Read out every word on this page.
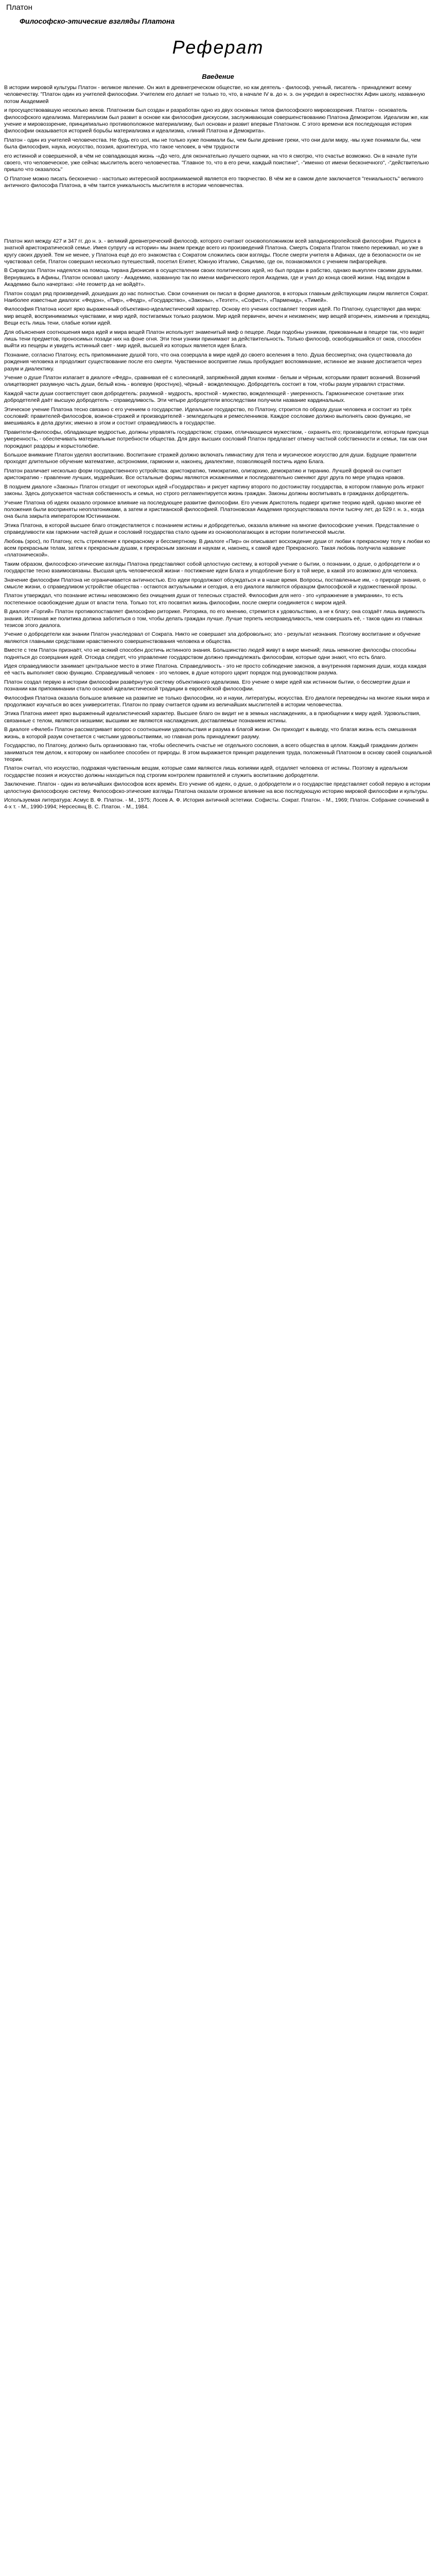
Платон
Философско-этические взгляды Платона
Реферат
Введение

В истории мировой культуры Платон - великое явление. Он жил в древнегреческом обществе, но как деятель - философ, ученый, писатель - принадлежит всему человечеству. "Платон один из учителей философии. Учителем его делает не только то, что, в начале IV в. до н. э. он учредил в окрестностях Афин школу, названную потом Академией

и просуществовавшую несколько веков. Платонизм был создан и разработан одно из двух основных типов философского мировоззрения. Платон - основатель философского идеализма. Материализм был развит в основе как философия дискуссии, заслуживающая совершенствованию Платона Демокритом. Идеализм же, как учение и мировоззрение, принципиально противоположное материализму, был основан и развит впервые Платоном. С этого времени вся последующая история философии оказывается историей борьбы материализма и идеализма, «линий Платона и Демокрита».

Платон - один из учителей человечества. Не будь его ucri, мы не только хуже понимали бы, чем были древние греки, что они дали миру, -мы хуже понимали бы, чем была философия, наука, искусство, поэзия, архитектура, что такое человек, в чём трудности

его истинной и совершенной, в чём не совпадающая жизнь -«До чего, для окончательно лучшего оценки, на что я смотрю, что счастье возможно. Он в начале пути своего, что человеческое, уже сейчас мыслитель всего человечества. "Главное то, что в его речи, каждый поистине", -"именно от имени бесконечного", -"действительно пришло что оказалось"

О Платоне можно писать бесконечно - настолько интересной воспринимаемой является его творчество. В чём же в самом деле заключается "гениальность" великого античного философа Платона, в чём таится уникальность мыслителя в истории человечества.

Платон жил между 427 и 347 гг. до н. э. - великий древнегреческий философ, которого считают основоположником всей западноевропейской философии. Родился в знатной аристократической семье. Имея супругу «в истории» мы знаем прежде всего из произведений Платона. Смерть Сократа Платон тяжело переживал, но уже в кругу своих друзей. Тем не менее, у Платона ещё до его знакомства с Сократом сложились свои взгляды. После смерти учителя в Афинах, где в безопасности он не чувствовал себя, Платон совершил несколько путешествий, посетил Египет, Южную Италию, Сицилию, где он, познакомился с учением пифагорейцев.

В Сиракузах Платон надеялся на помощь тирана Дионисия в осуществлении своих политических идей, но был продан в рабство, однако выкуплен своими друзьями. Вернувшись в Афины, Платон основал школу - Академию, названную так по имени мифического героя Академа, где и учил до конца своей жизни. Над входом в Академию было начертано: «Не геометр да не войдёт».

Платон создал ряд произведений, дошедших до нас полностью. Свои сочинения он писал в форме диалогов, в которых главным действующим лицом является Сократ. Наиболее известные диалоги: «Федон», «Пир», «Федр», «Государство», «Законы», «Теэтет», «Софист», «Парменид», «Тимей».

Философия Платона носит ярко выраженный объективно-идеалистический характер. Основу его учения составляет теория идей. По Платону, существуют два мира: мир вещей, воспринимаемых чувствами, и мир идей, постигаемых только разумом. Мир идей первичен, вечен и неизменен; мир вещей вторичен, изменчив и преходящ. Вещи есть лишь тени, слабые копии идей.

Для объяснения соотношения мира идей и мира вещей Платон использует знаменитый миф о пещере. Люди подобны узникам, прикованным в пещере так, что видят лишь тени предметов, проносимых позади них на фоне огня. Эти тени узники принимают за действительность. Только философ, освободившийся от оков, способен выйти из пещеры и увидеть истинный свет - мир идей, высшей из которых является идея Блага.

Познание, согласно Платону, есть припоминание душой того, что она созерцала в мире идей до своего вселения в тело. Душа бессмертна; она существовала до рождения человека и продолжит существование после его смерти. Чувственное восприятие лишь пробуждает воспоминание, истинное же знание достигается через разум и диалектику.

Учение о душе Платон излагает в диалоге «Федр», сравнивая её с колесницей, запряжённой двумя конями - белым и чёрным, которыми правит возничий. Возничий олицетворяет разумную часть души, белый конь - волевую (яростную), чёрный - вожделеющую. Добродетель состоит в том, чтобы разум управлял страстями.

Каждой части души соответствует своя добродетель: разумной - мудрость, яростной - мужество, вожделеющей - умеренность. Гармоническое сочетание этих добродетелей даёт высшую добродетель - справедливость. Эти четыре добродетели впоследствии получили название кардинальных.

Этическое учение Платона тесно связано с его учением о государстве. Идеальное государство, по Платону, строится по образу души человека и состоит из трёх сословий: правителей-философов, воинов-стражей и производителей - земледельцев и ремесленников. Каждое сословие должно выполнять свою функцию, не вмешиваясь в дела других; именно в этом и состоит справедливость в государстве.

Правители-философы, обладающие мудростью, должны управлять государством; стражи, отличающиеся мужеством, - охранять его; производители, которым присуща умеренность, - обеспечивать материальные потребности общества. Для двух высших сословий Платон предлагает отмену частной собственности и семьи, так как они порождают раздоры и корыстолюбие.

Большое внимание Платон уделял воспитанию. Воспитание стражей должно включать гимнастику для тела и мусическое искусство для души. Будущие правители проходят длительное обучение математике, астрономии, гармонии и, наконец, диалектике, позволяющей постичь идею Блага.

Платон различает несколько форм государственного устройства: аристократию, тимократию, олигархию, демократию и тиранию. Лучшей формой он считает аристократию - правление лучших, мудрейших. Все остальные формы являются искажениями и последовательно сменяют друг друга по мере упадка нравов.

В позднем диалоге «Законы» Платон отходит от некоторых идей «Государства» и рисует картину второго по достоинству государства, в котором главную роль играют законы. Здесь допускается частная собственность и семья, но строго регламентируется жизнь граждан. Законы должны воспитывать в гражданах добродетель.

Учение Платона об идеях оказало огромное влияние на последующее развитие философии. Его ученик Аристотель подверг критике теорию идей, однако многие её положения были восприняты неоплатониками, а затем и христианской философией. Платоновская Академия просуществовала почти тысячу лет, до 529 г. н. э., когда она была закрыта императором Юстинианом.

Этика Платона, в которой высшее благо отождествляется с познанием истины и добродетелью, оказала влияние на многие философские учения. Представление о справедливости как гармонии частей души и сословий государства стало одним из основополагающих в истории политической мысли.

Любовь (эрос), по Платону, есть стремление к прекрасному и бессмертному. В диалоге «Пир» он описывает восхождение души от любви к прекрасному телу к любви ко всем прекрасным телам, затем к прекрасным душам, к прекрасным законам и наукам и, наконец, к самой идее Прекрасного. Такая любовь получила название «платонической».

Таким образом, философско-этические взгляды Платона представляют собой целостную систему, в которой учение о бытии, о познании, о душе, о добродетели и о государстве тесно взаимосвязаны. Высшая цель человеческой жизни - постижение идеи Блага и уподобление Богу в той мере, в какой это возможно для человека.

Значение философии Платона не ограничивается античностью. Его идеи продолжают обсуждаться и в наше время. Вопросы, поставленные им, - о природе знания, о смысле жизни, о справедливом устройстве общества - остаются актуальными и сегодня, а его диалоги являются образцом философской и художественной прозы.

Платон утверждал, что познание истины невозможно без очищения души от телесных страстей. Философия для него - это «упражнение в умирании», то есть постепенное освобождение души от власти тела. Только тот, кто посвятил жизнь философии, после смерти соединяется с миром идей.

В диалоге «Горгий» Платон противопоставляет философию риторике. Риторика, по его мнению, стремится к удовольствию, а не к благу; она создаёт лишь видимость знания. Истинная же политика должна заботиться о том, чтобы делать граждан лучше. Лучше терпеть несправедливость, чем совершать её, - таков один из главных тезисов этого диалога.

Учение о добродетели как знании Платон унаследовал от Сократа. Никто не совершает зла добровольно; зло - результат незнания. Поэтому воспитание и обучение являются главными средствами нравственного совершенствования человека и общества.

Вместе с тем Платон признаёт, что не всякий способен достичь истинного знания. Большинство людей живут в мире мнений; лишь немногие философы способны подняться до созерцания идей. Отсюда следует, что управление государством должно принадлежать философам, которые одни знают, что есть благо.

Идея справедливости занимает центральное место в этике Платона. Справедливость - это не просто соблюдение законов, а внутренняя гармония души, когда каждая её часть выполняет свою функцию. Справедливый человек - это человек, в душе которого царит порядок под руководством разума.

Платон создал первую в истории философии развёрнутую систему объективного идеализма. Его учение о мире идей как истинном бытии, о бессмертии души и познании как припоминании стало основой идеалистической традиции в европейской философии.

Философия Платона оказала большое влияние на развитие не только философии, но и науки, литературы, искусства. Его диалоги переведены на многие языки мира и продолжают изучаться во всех университетах. Платон по праву считается одним из величайших мыслителей в истории человечества.

Этика Платона имеет ярко выраженный идеалистический характер. Высшее благо он видит не в земных наслаждениях, а в приобщении к миру идей. Удовольствия, связанные с телом, являются низшими; высшими же являются наслаждения, доставляемые познанием истины.

В диалоге «Филеб» Платон рассматривает вопрос о соотношении удовольствия и разума в благой жизни. Он приходит к выводу, что благая жизнь есть смешанная жизнь, в которой разум сочетается с чистыми удовольствиями, но главная роль принадлежит разуму.

Государство, по Платону, должно быть организовано так, чтобы обеспечить счастье не отдельного сословия, а всего общества в целом. Каждый гражданин должен заниматься тем делом, к которому он наиболее способен от природы. В этом выражается принцип разделения труда, положенный Платоном в основу своей социальной теории.

Платон считал, что искусство, подражая чувственным вещам, которые сами являются лишь копиями идей, отдаляет человека от истины. Поэтому в идеальном государстве поэзия и искусство должны находиться под строгим контролем правителей и служить воспитанию добродетели.

Заключение. Платон - один из величайших философов всех времён. Его учение об идеях, о душе, о добродетели и о государстве представляет собой первую в истории целостную философскую систему. Философско-этические взгляды Платона оказали огромное влияние на всю последующую историю мировой философии и культуры.

Используемая литература: Асмус В. Ф. Платон. - М., 1975; Лосев А. Ф. История античной эстетики. Софисты. Сократ. Платон. - М., 1969; Платон. Собрание сочинений в 4-х т. - М., 1990-1994; Нерсесянц В. С. Платон. - М., 1984.
